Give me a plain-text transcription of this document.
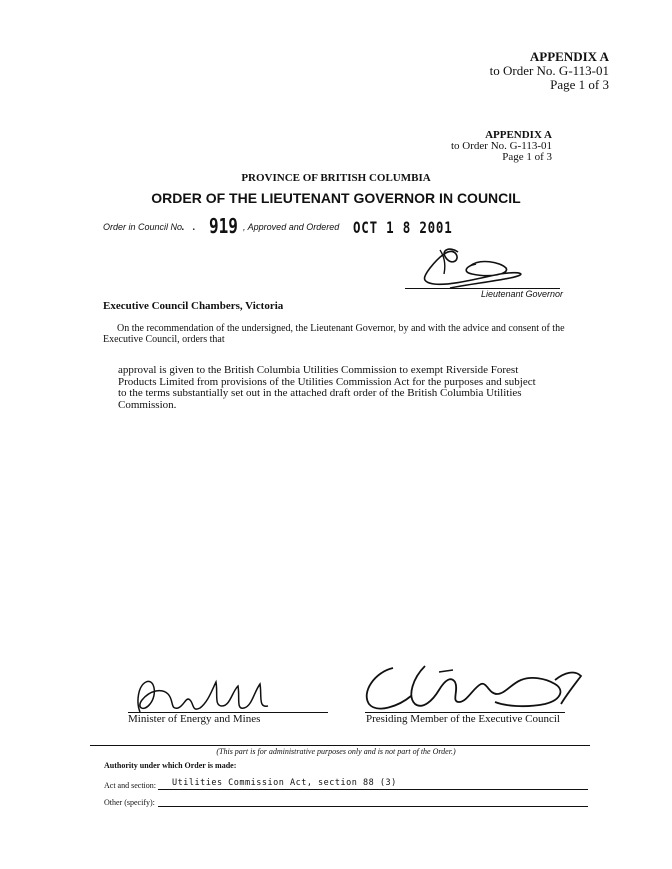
APPENDIX A
to Order No. G-113-01
Page 1 of 3
APPENDIX A
to Order No. G-113-01
Page 1 of 3
PROVINCE OF BRITISH COLUMBIA
ORDER OF THE LIEUTENANT GOVERNOR IN COUNCIL
Order in Council No.
. . 919 , Approved and Ordered OCT 1 8 2001
Lieutenant Governor
Executive Council Chambers, Victoria
On the recommendation of the undersigned, the Lieutenant Governor, by and with the advice and consent of the Executive Council, orders that
approval is given to the British Columbia Utilities Commission to exempt Riverside Forest Products Limited from provisions of the Utilities Commission Act for the purposes and subject to the terms substantially set out in the attached draft order of the British Columbia Utilities Commission.
Minister of Energy and Mines	Presiding Member of the Executive Council
(This part is for administrative purposes only and is not part of the Order.)
Authority under which Order is made:
Act and section: Utilities Commission Act, section 88 (3)
Other (specify):
